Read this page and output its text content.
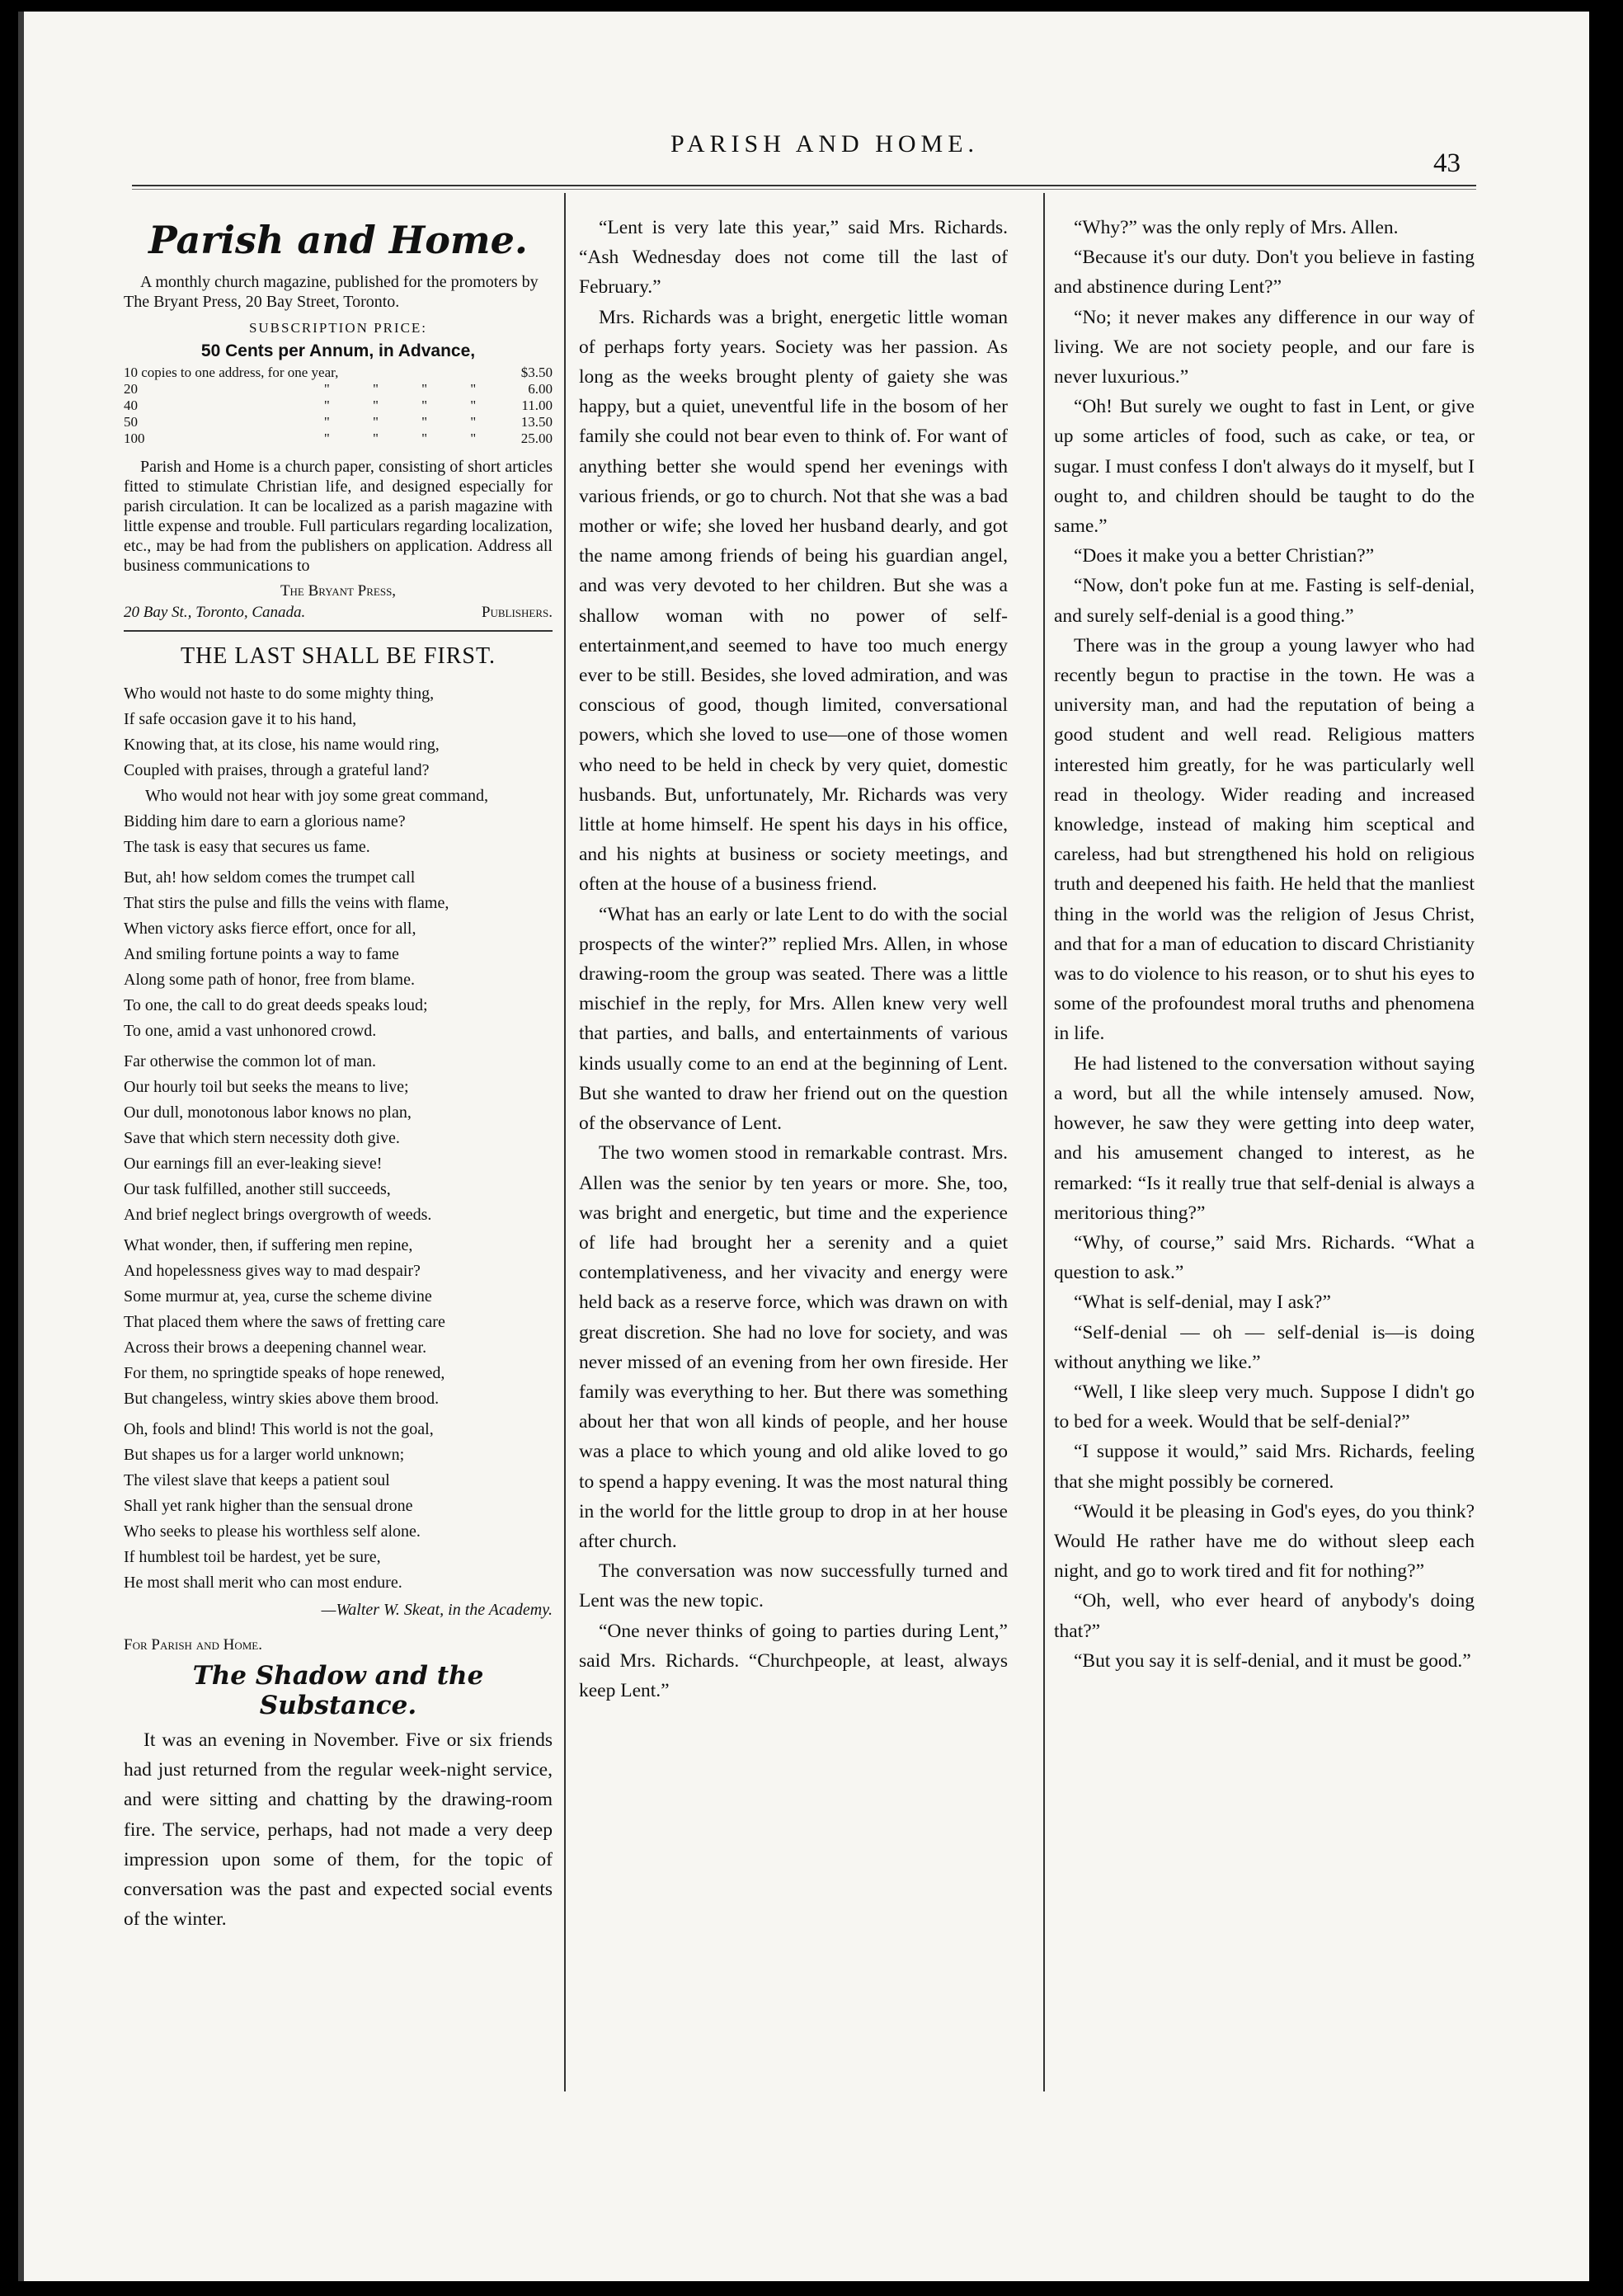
PARISH AND HOME.
43
Parish and Home.

A monthly church magazine, published for the promoters by The Bryant Press, 20 Bay Street, Toronto.

SUBSCRIPTION PRICE:
50 Cents per Annum, in Advance,
10 copies to one address, for one year,					$3.50
20	"	"	"	"	6.00
40	"	"	"	"	11.00
50	"	"	"	"	13.50
100	"	"	"	"	25.00

Parish and Home is a church paper, consisting of short articles fitted to stimulate Christian life, and designed especially for parish circulation. It can be localized as a parish magazine with little expense and trouble. Full particulars regarding localization, etc., may be had from the publishers on application. Address all business communications to

The Bryant Press,
20 Bay St., Toronto, Canada.	Publishers.
THE LAST SHALL BE FIRST.
Who would not haste to do some mighty thing,
If safe occasion gave it to his hand,
Knowing that, at its close, his name would ring,
Coupled with praises, through a grateful land?
Who would not hear with joy some great command,
Bidding him dare to earn a glorious name?
The task is easy that secures us fame.
But, ah! how seldom comes the trumpet call
That stirs the pulse and fills the veins with flame,
When victory asks fierce effort, once for all,
And smiling fortune points a way to fame
Along some path of honor, free from blame.
To one, the call to do great deeds speaks loud;
To one, amid a vast unhonored crowd.
Far otherwise the common lot of man.
Our hourly toil but seeks the means to live;
Our dull, monotonous labor knows no plan,
Save that which stern necessity doth give.
Our earnings fill an ever-leaking sieve!
Our task fulfilled, another still succeeds,
And brief neglect brings overgrowth of weeds.
What wonder, then, if suffering men repine,
And hopelessness gives way to mad despair?
Some murmur at, yea, curse the scheme divine
That placed them where the saws of fretting care
Across their brows a deepening channel wear.
For them, no springtide speaks of hope renewed,
But changeless, wintry skies above them brood.
Oh, fools and blind! This world is not the goal,
But shapes us for a larger world unknown;
The vilest slave that keeps a patient soul
Shall yet rank higher than the sensual drone
Who seeks to please his worthless self alone.
If humblest toil be hardest, yet be sure,
He most shall merit who can most endure.
—Walter W. Skeat, in the Academy.
For Parish and Home.
The Shadow and the Substance.

It was an evening in November. Five or six friends had just returned from the regular week-night service, and were sitting and chatting by the drawing-room fire. The service, perhaps, had not made a very deep impression upon some of them, for the topic of conversation was the past and expected social events of the winter.

“Lent is very late this year,” said Mrs. Richards. “Ash Wednesday does not come till the last of February.”

Mrs. Richards was a bright, energetic little woman of perhaps forty years. Society was her passion. As long as the weeks brought plenty of gaiety she was happy, but a quiet, uneventful life in the bosom of her family she could not bear even to think of. For want of anything better she would spend her evenings with various friends, or go to church. Not that she was a bad mother or wife; she loved her husband dearly, and got the name among friends of being his guardian angel, and was very devoted to her children. But she was a shallow woman with no power of self-entertainment,and seemed to have too much energy ever to be still. Besides, she loved admiration, and was conscious of good, though limited, conversational powers, which she loved to use—one of those women who need to be held in check by very quiet, domestic husbands. But, unfortunately, Mr. Richards was very little at home himself. He spent his days in his office, and his nights at business or society meetings, and often at the house of a business friend.

“What has an early or late Lent to do with the social prospects of the winter?” replied Mrs. Allen, in whose drawing-room the group was seated. There was a little mischief in the reply, for Mrs. Allen knew very well that parties, and balls, and entertainments of various kinds usually come to an end at the beginning of Lent. But she wanted to draw her friend out on the question of the observance of Lent.

The two women stood in remarkable contrast. Mrs. Allen was the senior by ten years or more. She, too, was bright and energetic, but time and the experience of life had brought her a serenity and a quiet contemplativeness, and her vivacity and energy were held back as a reserve force, which was drawn on with great discretion. She had no love for society, and was never missed of an evening from her own fireside. Her family was everything to her. But there was something about her that won all kinds of people, and her house was a place to which young and old alike loved to go to spend a happy evening. It was the most natural thing in the world for the little group to drop in at her house after church.

The conversation was now successfully turned and Lent was the new topic.

“One never thinks of going to parties during Lent,” said Mrs. Richards. “Churchpeople, at least, always keep Lent.”

“Why?” was the only reply of Mrs. Allen.

“Because it's our duty. Don't you believe in fasting and abstinence during Lent?”

“No; it never makes any difference in our way of living. We are not society people, and our fare is never luxurious.”

“Oh! But surely we ought to fast in Lent, or give up some articles of food, such as cake, or tea, or sugar. I must confess I don't always do it myself, but I ought to, and children should be taught to do the same.”

“Does it make you a better Christian?”

“Now, don't poke fun at me. Fasting is self-denial, and surely self-denial is a good thing.”

There was in the group a young lawyer who had recently begun to practise in the town. He was a university man, and had the reputation of being a good student and well read. Religious matters interested him greatly, for he was particularly well read in theology. Wider reading and increased knowledge, instead of making him sceptical and careless, had but strengthened his hold on religious truth and deepened his faith. He held that the manliest thing in the world was the religion of Jesus Christ, and that for a man of education to discard Christianity was to do violence to his reason, or to shut his eyes to some of the profoundest moral truths and phenomena in life.

He had listened to the conversation without saying a word, but all the while intensely amused. Now, however, he saw they were getting into deep water, and his amusement changed to interest, as he remarked: “Is it really true that self-denial is always a meritorious thing?”

“Why, of course,” said Mrs. Richards. “What a question to ask.”

“What is self-denial, may I ask?”

“Self-denial — oh — self-denial is—is doing without anything we like.”

“Well, I like sleep very much. Suppose I didn't go to bed for a week. Would that be self-denial?”

“I suppose it would,” said Mrs. Richards, feeling that she might possibly be cornered.

“Would it be pleasing in God's eyes, do you think? Would He rather have me do without sleep each night, and go to work tired and fit for nothing?”

“Oh, well, who ever heard of anybody's doing that?”

“But you say it is self-denial, and it must be good.”
